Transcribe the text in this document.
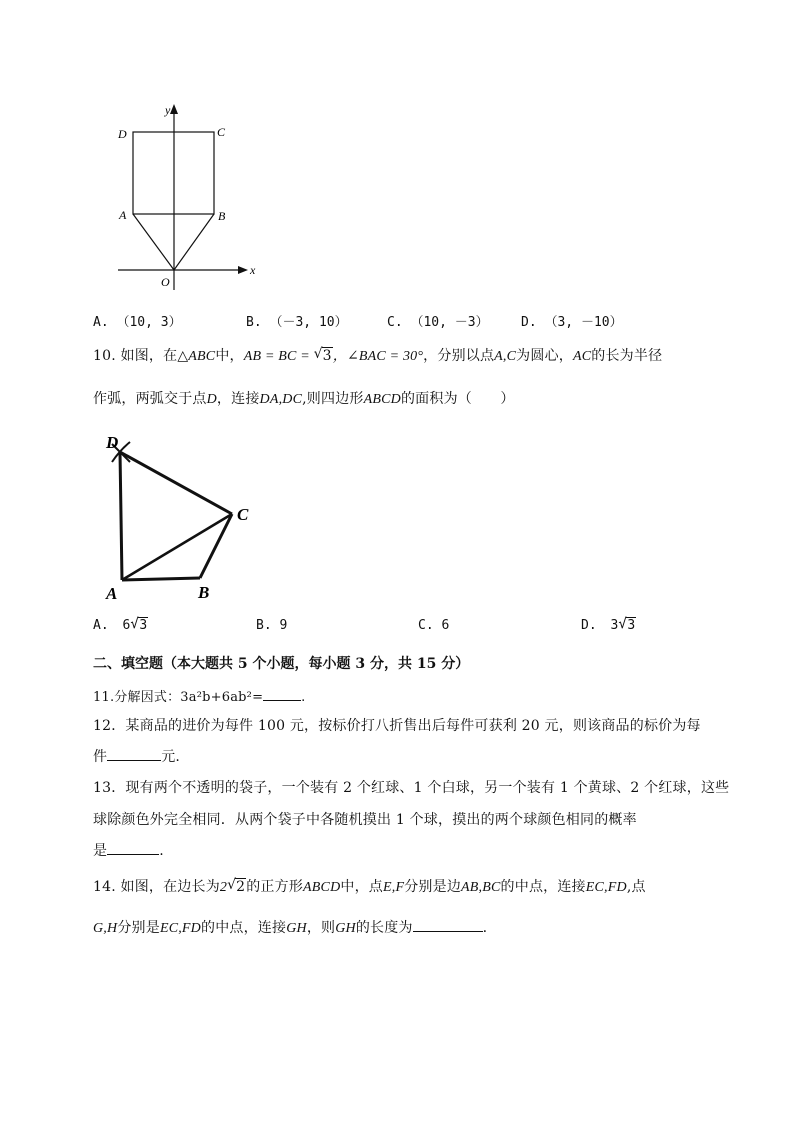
y
x
D	C
A	B
O
A. （10, 3）	B. （－3, 10）	C. （10, －3） D. （3, －10）
10. 如图，在△ABC中，AB = BC = √ 3，∠BAC = 30°，分别以点A,C为圆心，AC的长为半径
作弧，两弧交于点D，连接DA,DC,则四边形ABCD的面积为（　　）
D
C
A	B
A. 6 √ 3	B. 9	C. 6	D. 3 √ 3
二、填空题（本大题共 5 个小题，每小题 3 分，共 15 分）
11.分解因式：3a²b+6ab²=	.
12．某商品的进价为每件 100 元，按标价打八折售出后每件可获利 20 元，则该商品的标价为每
件	元.
13．现有两个不透明的袋子，一个装有 2 个红球、1 个白球，另一个装有 1 个黄球、2 个红球，这些
球除颜色外完全相同．从两个袋子中各随机摸出 1 个球，摸出的两个球颜色相同的概率
是	.
14. 如图，在边长为2 √ 2的正方形ABCD中，点E,F分别是边AB,BC的中点，连接EC,FD,点
G,H分别是EC,FD的中点，连接GH，则GH的长度为	.
